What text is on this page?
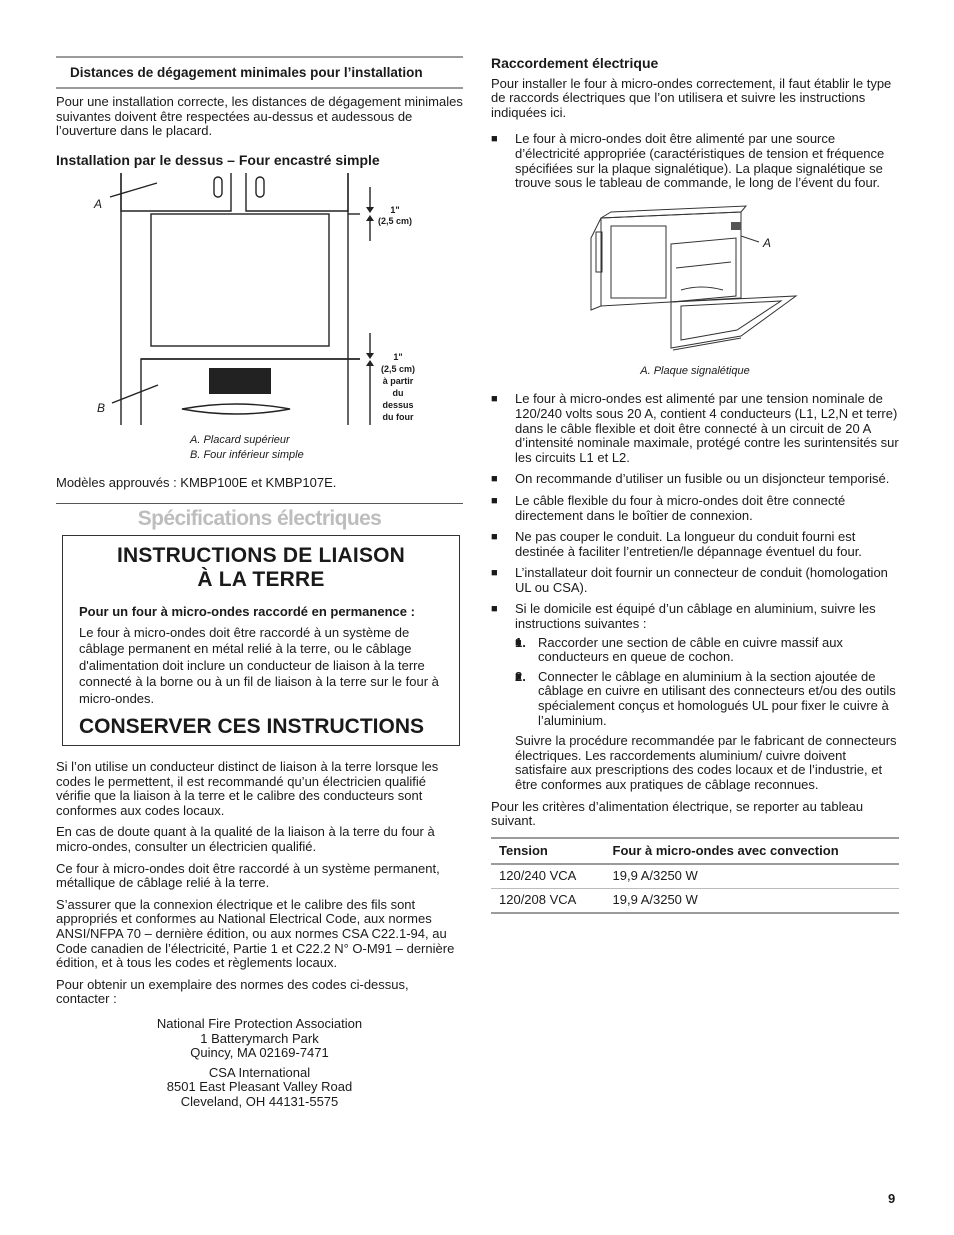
Distances de dégagement minimales pour l’installation

Pour une installation correcte, les distances de dégagement minimales suivantes doivent être respectées au-dessus et audessous de l’ouverture dans le placard.

Installation par le dessus – Four encastré simple
A
B
1"
(2,5 cm)
1"
(2,5 cm)
à partir
du
dessus
du four
A. Placard supérieur
B. Four inférieur simple

Modèles approuvés : KMBP100E et KMBP107E.

Spécifications électriques
INSTRUCTIONS DE LIAISON
À LA TERRE
Pour un four à micro-ondes raccordé en permanence :
Le four à micro-ondes doit être raccordé à un système de câblage permanent en métal relié à la terre, ou le câblage d'alimentation doit inclure un conducteur de liaison à la terre connecté à la borne ou à un fil de liaison à la terre sur le four à micro-ondes.
CONSERVER CES INSTRUCTIONS

Si l’on utilise un conducteur distinct de liaison à la terre lorsque les codes le permettent, il est recommandé qu’un électricien qualifié vérifie que la liaison à la terre et le calibre des conducteurs sont conformes aux codes locaux.

En cas de doute quant à la qualité de la liaison à la terre du four à micro-ondes, consulter un électricien qualifié.

Ce four à micro-ondes doit être raccordé à un système permanent, métallique de câblage relié à la terre.

S’assurer que la connexion électrique et le calibre des fils sont appropriés et conformes au National Electrical Code, aux normes ANSI/NFPA 70 – dernière édition, ou aux normes CSA C22.1-94, au Code canadien de l’électricité, Partie 1 et C22.2 N° O-M91 – dernière édition, et à tous les codes et règlements locaux.

Pour obtenir un exemplaire des normes des codes ci-dessus, contacter :

National Fire Protection Association
1 Batterymarch Park
Quincy, MA 02169-7471
CSA International
8501 East Pleasant Valley Road
Cleveland, OH 44131-5575
Raccordement électrique

Pour installer le four à micro-ondes correctement, il faut établir le type de raccords électriques que l’on utilisera et suivre les instructions indiquées ici.

■ Le four à micro-ondes doit être alimenté par une source d’électricité appropriée (caractéristiques de tension et fréquence spécifiées sur la plaque signalétique). La plaque signalétique se trouve sous le tableau de commande, le long de l’évent du four.
A
A. Plaque signalétique
■ Le four à micro-ondes est alimenté par une tension nominale de 120/240 volts sous 20 A, contient 4 conducteurs (L1, L2,N et terre) dans le câble flexible et doit être connecté à un circuit de 20 A d’intensité nominale maximale, protégé contre les surintensités sur les circuits L1 et L2.
■ On recommande d’utiliser un fusible ou un disjoncteur temporisé.
■ Le câble flexible du four à micro-ondes doit être connecté directement dans le boîtier de connexion.
■ Ne pas couper le conduit. La longueur du conduit fourni est destinée à faciliter l’entretien/le dépannage éventuel du four.
■ L’installateur doit fournir un connecteur de conduit (homologation UL ou CSA).
■ Si le domicile est équipé d’un câblage en aluminium, suivre les instructions suivantes :
■ 1. Raccorder une section de câble en cuivre massif aux conducteurs en queue de cochon.
■ 2. Connecter le câblage en aluminium à la section ajoutée de câblage en cuivre en utilisant des connecteurs et/ou des outils spécialement conçus et homologués UL pour fixer le cuivre à l’aluminium.
Suivre la procédure recommandée par le fabricant de connecteurs électriques. Les raccordements aluminium/ cuivre doivent satisfaire aux prescriptions des codes locaux et de l’industrie, et être conformes aux pratiques de câblage reconnues.

Pour les critères d’alimentation électrique, se reporter au tableau suivant.

Tension	Four à micro-ondes avec convection
120/240 VCA	19,9 A/3250 W
120/208 VCA	19,9 A/3250 W
9
